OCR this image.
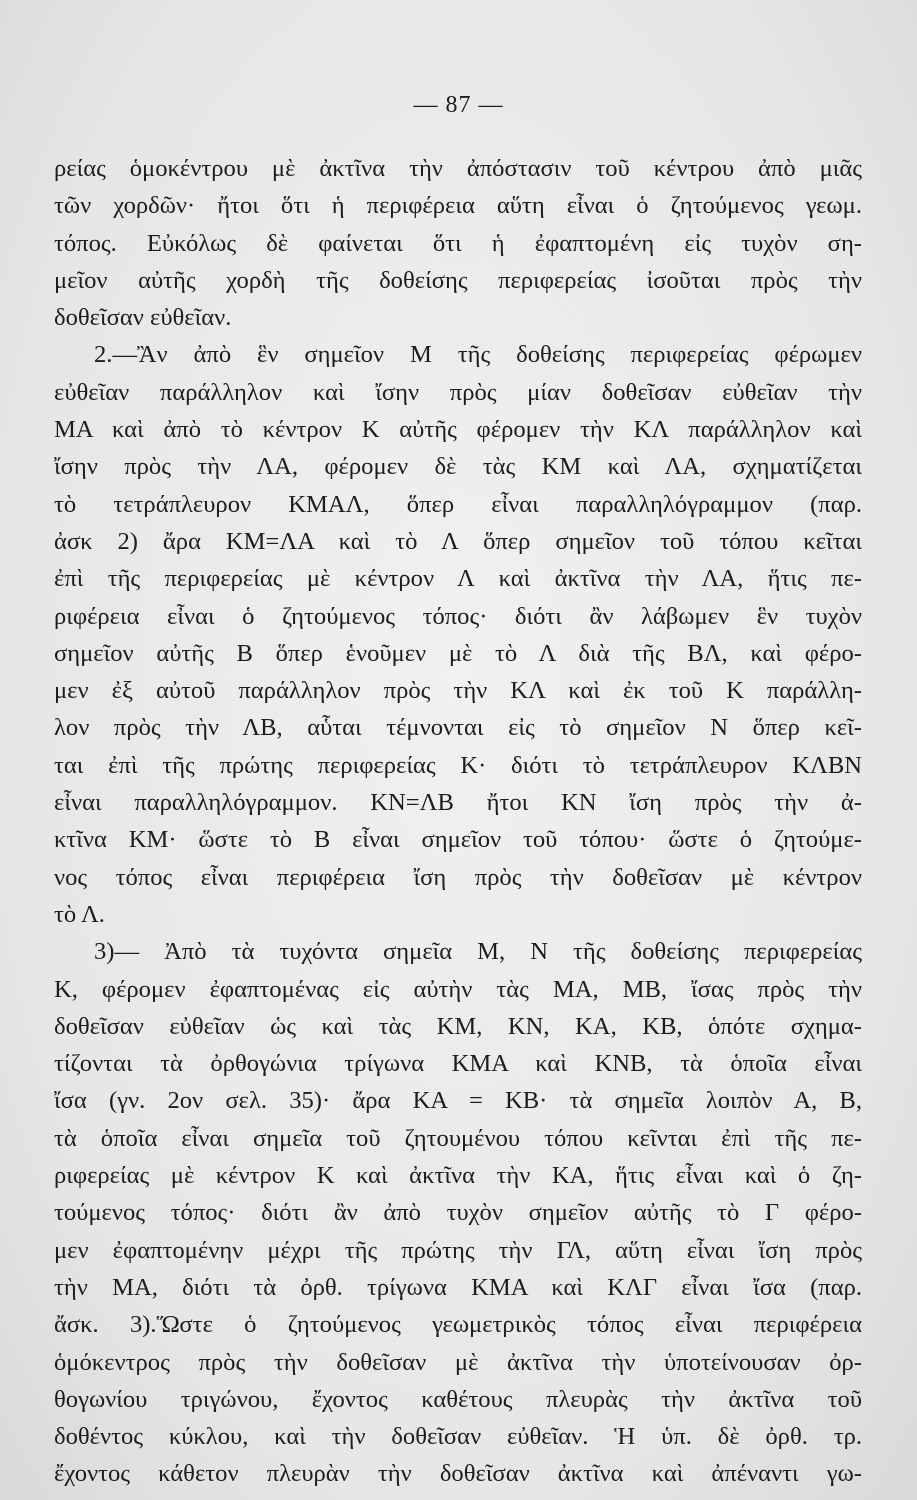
— 87 —
ρείας ὁμοκέντρου μὲ ἀκτῖνα τὴν ἀπόστασιν τοῦ κέντρου ἀπὸ μιᾶς
τῶν χορδῶν· ἤτοι ὅτι ἡ περιφέρεια αὕτη εἶναι ὁ ζητούμενος γεωμ.
τόπος. Εὐκόλως δὲ φαίνεται ὅτι ἡ ἐφαπτομένη εἰς τυχὸν ση-
μεῖον αὐτῆς χορδὴ τῆς δοθείσης περιφερείας ἰσοῦται πρὸς τὴν
δοθεῖσαν εὐθεῖαν.
2.—Ἂν ἀπὸ ἓν σημεῖον Μ τῆς δοθείσης περιφερείας φέρωμεν
εὐθεῖαν παράλληλον καὶ ἴσην πρὸς μίαν δοθεῖσαν εὐθεῖαν τὴν
ΜΑ καὶ ἀπὸ τὸ κέντρον Κ αὐτῆς φέρομεν τὴν ΚΛ παράλληλον καὶ
ἴσην πρὸς τὴν ΛΑ, φέρομεν δὲ τὰς ΚΜ καὶ ΛΑ, σχηματίζεται
τὸ τετράπλευρον ΚΜΑΛ, ὅπερ εἶναι παραλληλόγραμμον (παρ.
ἀσκ 2) ἄρα ΚΜ=ΛΑ καὶ τὸ Λ ὅπερ σημεῖον τοῦ τόπου κεῖται
ἐπὶ τῆς περιφερείας μὲ κέντρον Λ καὶ ἀκτῖνα τὴν ΛΑ, ἥτις πε-
ριφέρεια εἶναι ὁ ζητούμενος τόπος· διότι ἂν λάβωμεν ἓν τυχὸν
σημεῖον αὐτῆς Β ὅπερ ἑνοῦμεν μὲ τὸ Λ διὰ τῆς ΒΛ, καὶ φέρο-
μεν ἐξ αὐτοῦ παράλληλον πρὸς τὴν ΚΛ καὶ ἐκ τοῦ Κ παράλλη-
λον πρὸς τὴν ΛΒ, αὗται τέμνονται εἰς τὸ σημεῖον Ν ὅπερ κεῖ-
ται ἐπὶ τῆς πρώτης περιφερείας Κ· διότι τὸ τετράπλευρον ΚΛΒΝ
εἶναι παραλληλόγραμμον. ΚΝ=ΛΒ ἤτοι ΚΝ ἴση πρὸς τὴν ἀ-
κτῖνα ΚΜ· ὥστε τὸ Β εἶναι σημεῖον τοῦ τόπου· ὥστε ὁ ζητούμε-
νος τόπος εἶναι περιφέρεια ἴση πρὸς τὴν δοθεῖσαν μὲ κέντρον
τὸ Λ.
3)— Ἀπὸ τὰ τυχόντα σημεῖα Μ, Ν τῆς δοθείσης περιφερείας
Κ, φέρομεν ἐφαπτομένας εἰς αὐτὴν τὰς ΜΑ, ΜΒ, ἴσας πρὸς τὴν
δοθεῖσαν εὐθεῖαν ὡς καὶ τὰς ΚΜ, ΚΝ, ΚΑ, ΚΒ, ὁπότε σχημα-
τίζονται τὰ ὀρθογώνια τρίγωνα ΚΜΑ καὶ ΚΝΒ, τὰ ὁποῖα εἶναι
ἴσα (γν. 2ον σελ. 35)· ἄρα ΚΑ = ΚΒ· τὰ σημεῖα λοιπὸν Α, Β,
τὰ ὁποῖα εἶναι σημεῖα τοῦ ζητουμένου τόπου κεῖνται ἐπὶ τῆς πε-
ριφερείας μὲ κέντρον Κ καὶ ἀκτῖνα τὴν ΚΑ, ἥτις εἶναι καὶ ὁ ζη-
τούμενος τόπος· διότι ἂν ἀπὸ τυχὸν σημεῖον αὐτῆς τὸ Γ φέρο-
μεν ἐφαπτομένην μέχρι τῆς πρώτης τὴν ΓΛ, αὕτη εἶναι ἴση πρὸς
τὴν ΜΑ, διότι τὰ ὀρθ. τρίγωνα ΚΜΑ καὶ ΚΛΓ εἶναι ἴσα (παρ.
ἄσκ. 3).Ὥστε ὁ ζητούμενος γεωμετρικὸς τόπος εἶναι περιφέρεια
ὁμόκεντρος πρὸς τὴν δοθεῖσαν μὲ ἀκτῖνα τὴν ὑποτείνουσαν ὀρ-
θογωνίου τριγώνου, ἔχοντος καθέτους πλευρὰς τὴν ἀκτῖνα τοῦ
δοθέντος κύκλου, καὶ τὴν δοθεῖσαν εὐθεῖαν. Ἡ ὑπ. δὲ ὀρθ. τρ.
ἔχοντος κάθετον πλευρὰν τὴν δοθεῖσαν ἀκτῖνα καὶ ἀπέναντι γω-
